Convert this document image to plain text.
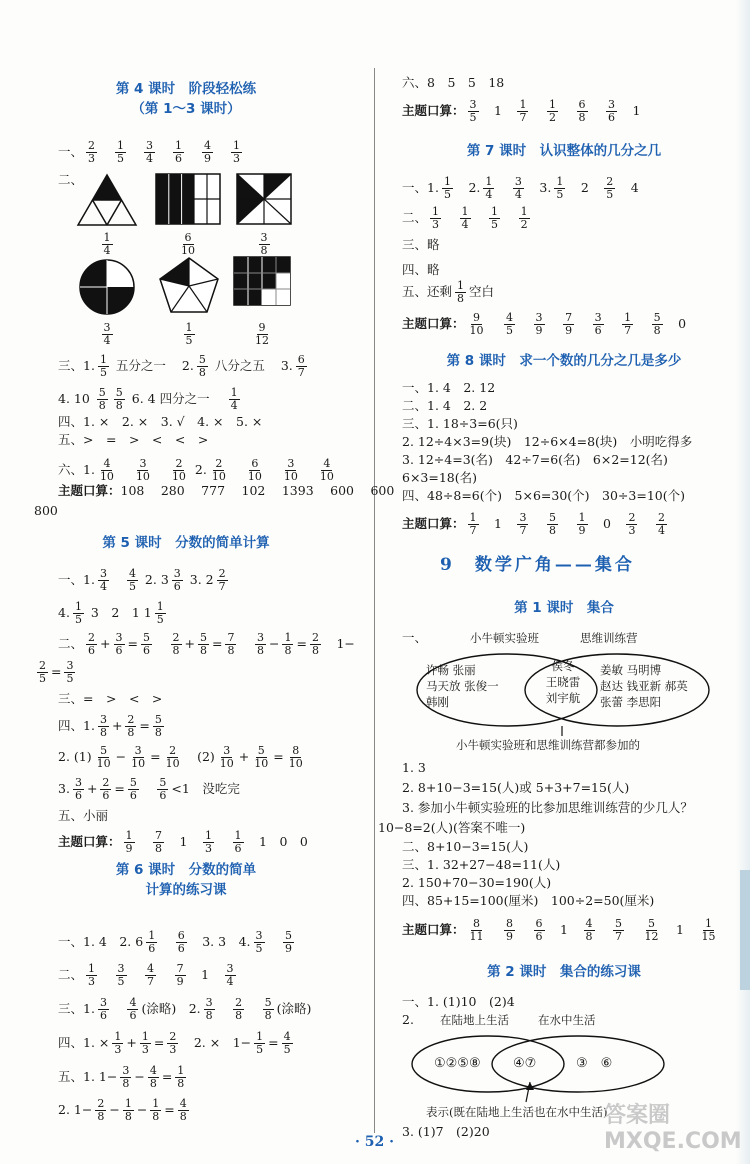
第 4 课时　阶段轻松练
（第 1～3 课时）
一、 $\frac{2}{3} \frac{1}{5} \frac{3}{4} \frac{1}{6} \frac{4}{9} \frac{1}{3}$
二、
$\frac{1}{4}$	$\frac{6}{10}$	$\frac{3}{8}$
$\frac{3}{4}$	$\frac{1}{5}$	$\frac{9}{12}$
三、1. $\frac{1}{5}$ 五分之一 2. $\frac{5}{8}$ 八分之五 3. $\frac{6}{7}$
4. $10 \frac{5}{8} \frac{5}{8} 6$. 4 四分之一 $\frac{1}{4}$
四、1. ×　2. ×　3. √　4. ×　5. ×
五、>　=　>　<　<　>
六、1. $\frac{4}{10} \frac{3}{10} \frac{2}{10} 2$. $\frac{2}{10} \frac{6}{10} \frac{3}{10} \frac{4}{10}$
主题口算：108　 280　 777　 102　 1393　 600　 600
800
第 5 课时　分数的简单计算
一、1. $\frac{3}{4} \frac{4}{5} 2$. $3 \frac{3}{6} 3$. $2 \frac{2}{7}$
4. $\frac{1}{5} 3$　2　1 $1 \frac{1}{5}$
二、 $\frac{2}{6} + \frac{3}{6} = \frac{5}{6}$
　 $\frac{2}{8} + \frac{5}{8} = \frac{7}{8}$
　 $\frac{3}{8} - \frac{1}{8} = \frac{2}{8}$ 　1−
$\frac{2}{5} = \frac{3}{5}$
三、=　>　<　>
四、1. $\frac{3}{8} + \frac{2}{8} = \frac{5}{8}$
2. $(1) \frac{5}{10} - \frac{3}{10} = \frac{2}{10}$ 　$(2) \frac{3}{10} + \frac{5}{10} = \frac{8}{10}$
3. $\frac{3}{6} + \frac{2}{6} = \frac{5}{6}$
　 $\frac{5}{6} <1$　没吃完
五、小丽
主题口算： $\frac{1}{9}$
　 $\frac{7}{8}$ 　1　 $\frac{1}{3}$
　 $\frac{1}{6}$ 　1　0　0
第 6 课时　分数的简单
计算的练习课
一、1. 4　2. $6 \frac{1}{6}$
　 $\frac{6}{6}$ 　3. 3　4. $\frac{3}{5}$
　 $\frac{5}{9}$
二、 $\frac{1}{3}$
　 $\frac{3}{5}$
　 $\frac{4}{7}$
　 $\frac{7}{9}$ 　1　 $\frac{3}{4}$
三、1. $\frac{3}{6}$
　 $\frac{4}{6}$ (涂略)　2. $\frac{3}{8}$
　 $\frac{2}{8}$
　 $\frac{5}{8}$ (涂略)
四、1. × $\frac{1}{3} + \frac{1}{3} = \frac{2}{3}$ 　2. ×　$1- \frac{1}{5} = \frac{4}{5}$
五、1. $1- \frac{3}{8} - \frac{4}{8} = \frac{1}{8}$
2. $1- \frac{2}{8} - \frac{1}{8} - \frac{1}{8} = \frac{4}{8}$
六、8　5　5　18
主题口算： $\frac{3}{5}$ 　1　 $\frac{1}{7}$
　 $\frac{1}{2}$
　 $\frac{6}{8}$
　 $\frac{3}{6}$ 　1
第 7 课时　认识整体的几分之几
一、1. $\frac{1}{5}$ 　2. $\frac{1}{4}$
　 $\frac{3}{4}$ 　3. $\frac{1}{5}$ 　2　 $\frac{2}{5}$ 　4
二、 $\frac{1}{3}$
　 $\frac{1}{4}$
　 $\frac{1}{5}$
　 $\frac{1}{2}$
三、略
四、略
五、还剩 $\frac{1}{8}$ 空白
主题口算： $\frac{9}{10}$
　 $\frac{4}{5}$
　 $\frac{3}{9}$
　 $\frac{7}{9}$
　 $\frac{3}{6}$
　 $\frac{1}{7}$
　 $\frac{5}{8}$ 　0
第 8 课时　求一个数的几分之几是多少
一、1. 4　2. 12
二、1. 4　2. 2
三、1. 18÷3=6(只)
2. 12÷4×3=9(块)　12÷6×4=8(块)　小明吃得多
3. 12÷4=3(名)　42÷7=6(名)　6×2=12(名)
6×3=18(名)
四、48÷8=6(个)　5×6=30(个)　30÷3=10(个)
主题口算： $\frac{1}{7}$ 　1　 $\frac{3}{7}$
　 $\frac{5}{8}$
　 $\frac{1}{9}$ 　0　 $\frac{2}{3}$
　 $\frac{2}{4}$
9　数学广角——集合
第 1 课时　集合
一、	小牛顿实验班	思维训练营
许畅 张丽
马天放 张俊一
韩刚
侯冬
王晓雷
刘宇航
姜敏 马明博
赵达 钱亚新 郝英
张蕾 李思阳
小牛顿实验班和思维训练营都参加的
1. 3
2. 8+10−3=15(人)或 5+3+7=15(人)
3. 参加小牛顿实验班的比参加思维训练营的少几人？
10−8=2(人)(答案不唯一)
二、8+10−3=15(人)
三、1. 32+27−48=11(人)
2. 150+70−30=190(人)
四、85+15=100(厘米)　100÷2=50(厘米)
主题口算： $\frac{8}{11}$
　 $\frac{8}{9}$
　 $\frac{6}{6}$ 　1　 $\frac{4}{8}$
　 $\frac{5}{7}$
　 $\frac{5}{12}$ 　1　 $\frac{1}{15}$
第 2 课时　集合的练习课
一、1. (1)10　(2)4
2. 在陆地上生活	在水中生活
①②⑤⑧ ④⑦	③　⑥
表示(既在陆地上生活也在水中生活)
3. (1)7　(2)20
· 52 ·
答案圈 MXQE.COM
